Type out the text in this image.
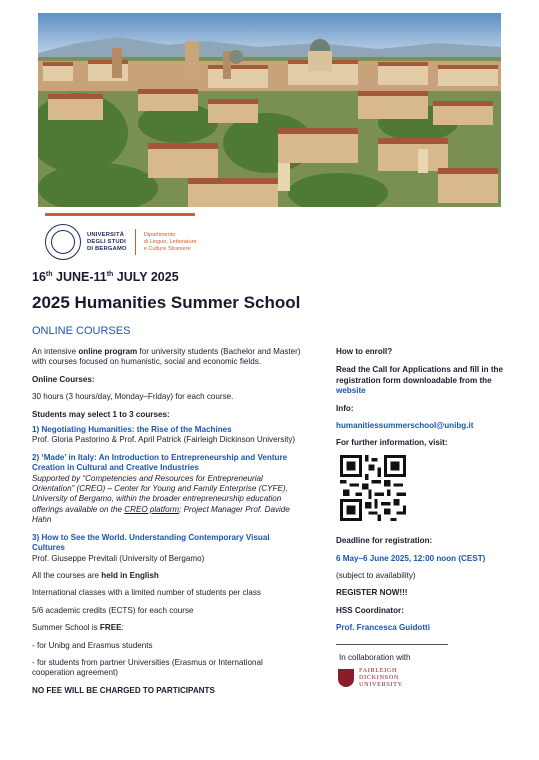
UNIVERSITÀ
DEGLI STUDI
DI BERGAMO
Dipartimento
di Lingue, Letterature
e Culture Straniere
16th JUNE-11th JULY 2025
2025 Humanities Summer School
ONLINE COURSES

An intensive online program for university students (Bachelor and Master) with courses focused on humanistic, social and economic fields.

Online Courses:

30 hours (3 hours/day, Monday–Friday) for each course.

Students may select 1 to 3 courses:

1) Negotiating Humanities: the Rise of the Machines
Prof. Gloria Pastorino & Prof. April Patrick (Fairleigh Dickinson University)

2) ‘Made’ in Italy: An Introduction to Entrepreneurship and Venture Creation in Cultural and Creative Industries
Supported by “Competencies and Resources for Entrepreneurial Orientation” (CREO) – Center for Young and Family Enterprise (CYFE), University of Bergamo, within the broader entrepreneurship education offerings available on the CREO platform; Project Manager Prof. Davide Hahn

3) How to See the World. Understanding Contemporary Visual Cultures
Prof. Giuseppe Previtali (University of Bergamo)

All the courses are held in English

International classes with a limited number of students per class

5/6 academic credits (ECTS) for each course

Summer School is FREE:

- for Unibg and Erasmus students

- for students from partner Universities (Erasmus or International cooperation agreement)

NO FEE WILL BE CHARGED TO PARTICIPANTS

How to enroll?

Read the Call for Applications and fill in the registration form downloadable from the website

Info:

humanitiessummerschool@unibg.it

For further information, visit:

Deadline for registration:

6 May–6 June 2025, 12:00 noon (CEST)

(subject to availability)

REGISTER NOW!!!

HSS Coordinator:

Prof. Francesca Guidotti

In collaboration with

FAIRLEIGH
DICKINSON
UNIVERSITY
